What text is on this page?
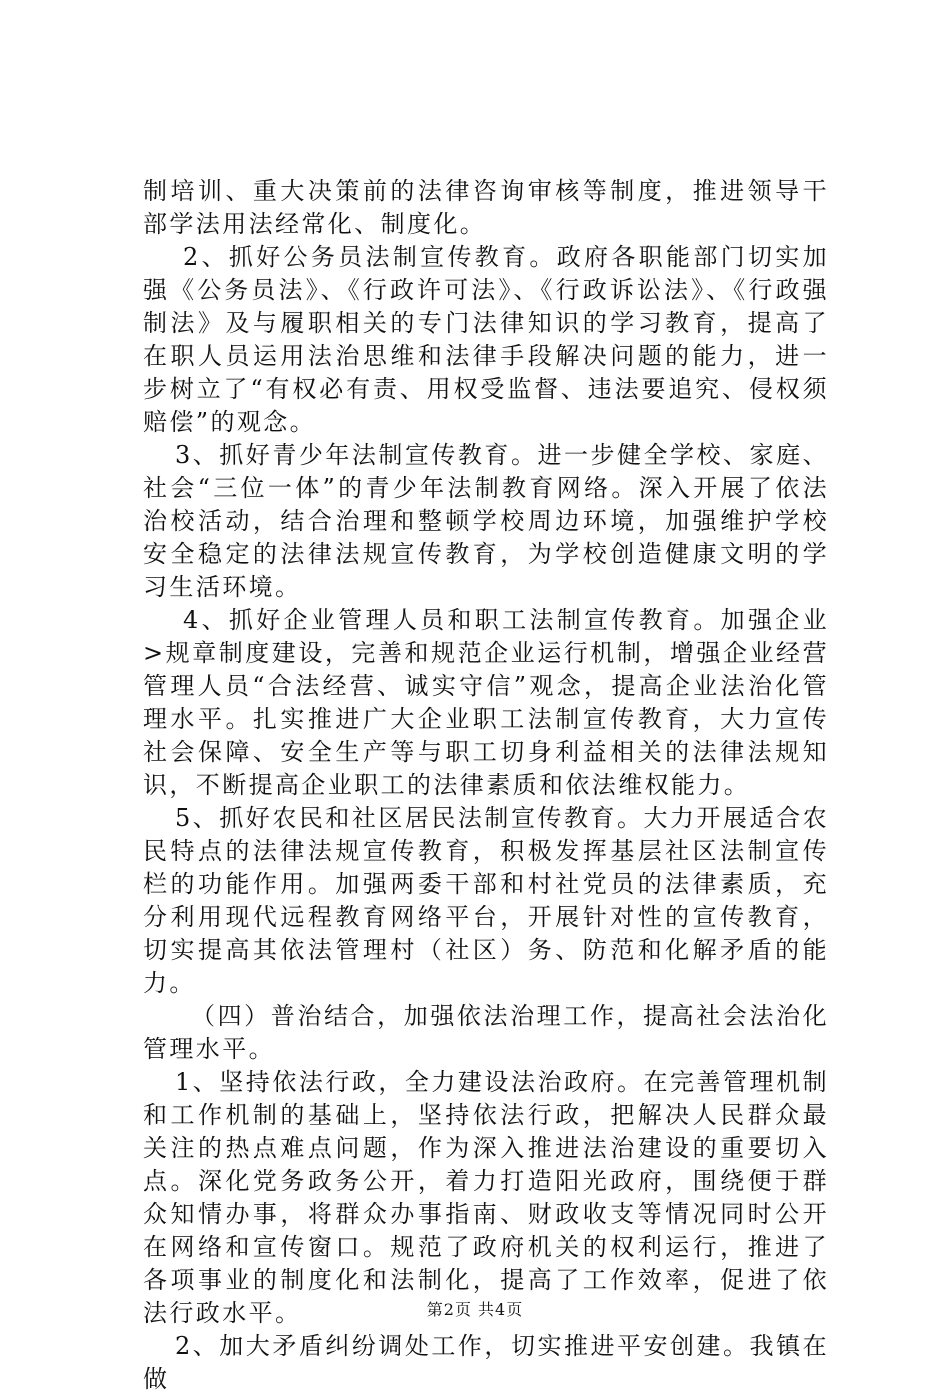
制培训、重大决策前的法律咨询审核等制度，推进领导干部学法用法经常化、制度化。

2、抓好公务员法制宣传教育。政府各职能部门切实加强《公务员法》、《行政许可法》、《行政诉讼法》、《行政强制法》及与履职相关的专门法律知识的学习教育，提高了在职人员运用法治思维和法律手段解决问题的能力，进一步树立了“有权必有责、用权受监督、违法要追究、侵权须赔偿”的观念。

3、抓好青少年法制宣传教育。进一步健全学校、家庭、社会“三位一体”的青少年法制教育网络。深入开展了依法治校活动，结合治理和整顿学校周边环境，加强维护学校安全稳定的法律法规宣传教育，为学校创造健康文明的学习生活环境。

4、抓好企业管理人员和职工法制宣传教育。加强企业>规章制度建设，完善和规范企业运行机制，增强企业经营管理人员“合法经营、诚实守信”观念，提高企业法治化管理水平。扎实推进广大企业职工法制宣传教育，大力宣传社会保障、安全生产等与职工切身利益相关的法律法规知识，不断提高企业职工的法律素质和依法维权能力。

5、抓好农民和社区居民法制宣传教育。大力开展适合农民特点的法律法规宣传教育，积极发挥基层社区法制宣传栏的功能作用。加强两委干部和村社党员的法律素质，充分利用现代远程教育网络平台，开展针对性的宣传教育，切实提高其依法管理村（社区）务、防范和化解矛盾的能力。

（四）普治结合，加强依法治理工作，提高社会法治化管理水平。

1、坚持依法行政，全力建设法治政府。在完善管理机制和工作机制的基础上，坚持依法行政，把解决人民群众最关注的热点难点问题，作为深入推进法治建设的重要切入点。深化党务政务公开，着力打造阳光政府，围绕便于群众知情办事，将群众办事指南、财政收支等情况同时公开在网络和宣传窗口。规范了政府机关的权利运行，推进了各项事业的制度化和法制化，提高了工作效率，促进了依法行政水平。

2、加大矛盾纠纷调处工作，切实推进平安创建。我镇在做

第2页 共4页
